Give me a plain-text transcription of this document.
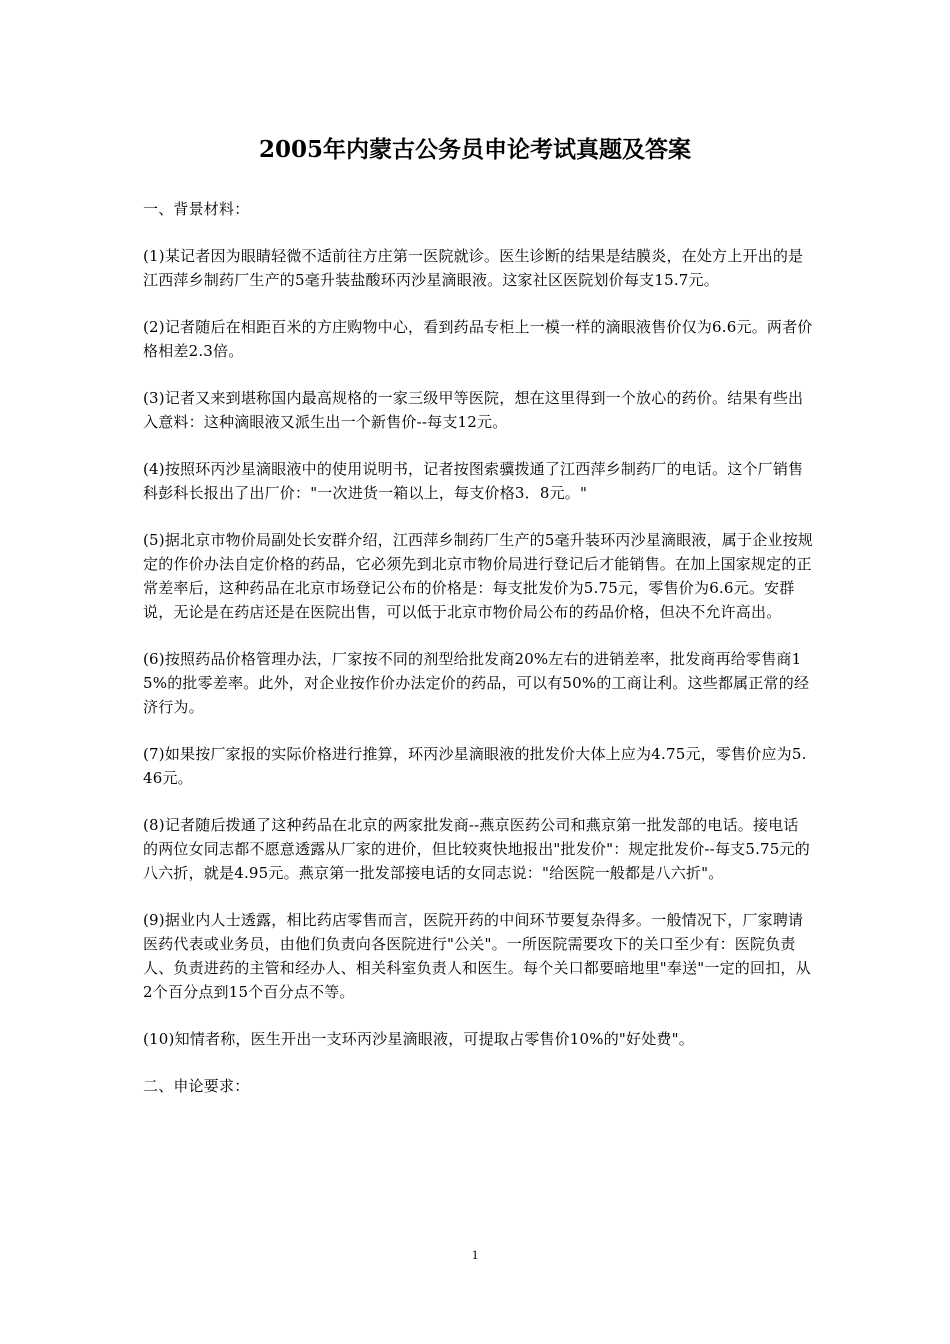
2005年内蒙古公务员申论考试真题及答案

一、背景材料：

(1)某记者因为眼睛轻微不适前往方庄第一医院就诊。医生诊断的结果是结膜炎，在处方上开出的是江西萍乡制药厂生产的5毫升装盐酸环丙沙星滴眼液。这家社区医院划价每支15.7元。

(2)记者随后在相距百米的方庄购物中心，看到药品专柜上一模一样的滴眼液售价仅为6.6元。两者价格相差2.3倍。

(3)记者又来到堪称国内最高规格的一家三级甲等医院，想在这里得到一个放心的药价。结果有些出入意料：这种滴眼液又派生出一个新售价--每支12元。

(4)按照环丙沙星滴眼液中的使用说明书，记者按图索骥拨通了江西萍乡制药厂的电话。这个厂销售科彭科长报出了出厂价："一次进货一箱以上，每支价格3．8元。"

(5)据北京市物价局副处长安群介绍，江西萍乡制药厂生产的5毫升装环丙沙星滴眼液，属于企业按规定的作价办法自定价格的药品，它必须先到北京市物价局进行登记后才能销售。在加上国家规定的正常差率后，这种药品在北京市场登记公布的价格是：每支批发价为5.75元，零售价为6.6元。安群说，无论是在药店还是在医院出售，可以低于北京市物价局公布的药品价格，但决不允许高出。

(6)按照药品价格管理办法，厂家按不同的剂型给批发商20%左右的进销差率，批发商再给零售商15%的批零差率。此外，对企业按作价办法定价的药品，可以有50%的工商让利。这些都属正常的经济行为。

(7)如果按厂家报的实际价格进行推算，环丙沙星滴眼液的批发价大体上应为4.75元，零售价应为5.46元。

(8)记者随后拨通了这种药品在北京的两家批发商--燕京医药公司和燕京第一批发部的电话。接电话的两位女同志都不愿意透露从厂家的进价，但比较爽快地报出"批发价"：规定批发价--每支5.75元的八六折，就是4.95元。燕京第一批发部接电话的女同志说："给医院一般都是八六折"。

(9)据业内人士透露，相比药店零售而言，医院开药的中间环节要复杂得多。一般情况下，厂家聘请医药代表或业务员，由他们负责向各医院进行"公关"。一所医院需要攻下的关口至少有：医院负责人、负责进药的主管和经办人、相关科室负责人和医生。每个关口都要暗地里"奉送"一定的回扣，从2个百分点到15个百分点不等。

(10)知情者称，医生开出一支环丙沙星滴眼液，可提取占零售价10%的"好处费"。

二、申论要求：

1
